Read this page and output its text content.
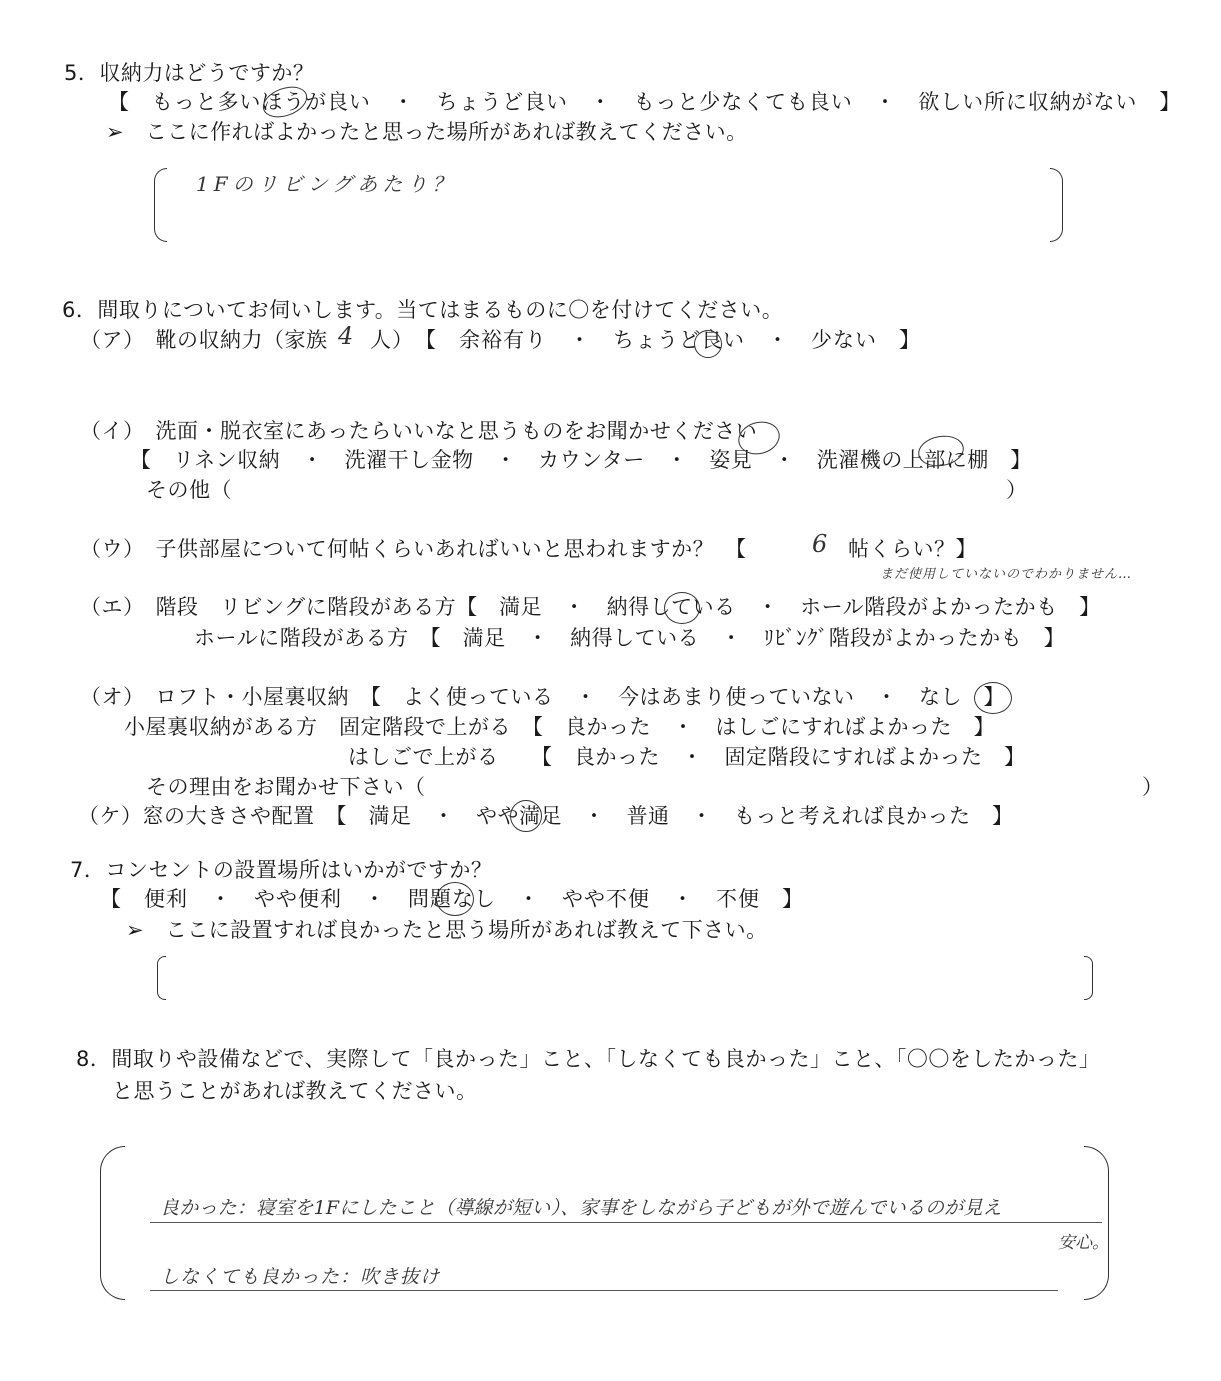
5．収納力はどうですか？
【　もっと多いほうが良い　・　ちょうど良い　・　もっと少なくても良い　・　欲しい所に収納がない　】
➢　ここに作ればよかったと思った場所があれば教えてください。
1Fのリビングあたり？
6．間取りについてお伺いします。当てはまるものに〇を付けてください。
（ア）　靴の収納力（家族 4 人）　【　余裕有り　・　ちょうど良い　・　少ない　】
（イ）　洗面・脱衣室にあったらいいなと思うものをお聞かせください
【　リネン収納　・　洗濯干し金物　・　カウンター　・　姿見　・　洗濯機の上部に棚　】
その他（	）
（ウ）　子供部屋について何帖くらいあればいいと思われますか？　【	6 帖くらい？】
まだ使用していないのでわかりません…
（エ）　階段　リビングに階段がある方【　満足　・　納得している　・　ホール階段がよかったかも　】
ホールに階段がある方　【　満足　・　納得している　・　ﾘﾋﾞﾝｸﾞ階段がよかったかも　】
（オ）　ロフト・小屋裏収納　【　よく使っている　・　今はあまり使っていない　・　なし　】
小屋裏収納がある方　固定階段で上がる　【　良かった　・　はしごにすればよかった　】
はしごで上がる　　【　良かった　・　固定階段にすればよかった　】
その理由をお聞かせ下さい（	）
（ケ）窓の大きさや配置　【　満足　・　やや満足　・　普通　・　もっと考えれば良かった　】
7．コンセントの設置場所はいかがですか？
【　便利　・　やや便利　・　問題なし　・　やや不便　・　不便　】
➢　ここに設置すれば良かったと思う場所があれば教えて下さい。
8．間取りや設備などで、実際して「良かった」こと、「しなくても良かった」こと、「〇〇をしたかった」
と思うことがあれば教えてください。
良かった：寝室を1Fにしたこと（導線が短い）、家事をしながら子どもが外で遊んでいるのが見え
安心。
しなくても良かった：吹き抜け
